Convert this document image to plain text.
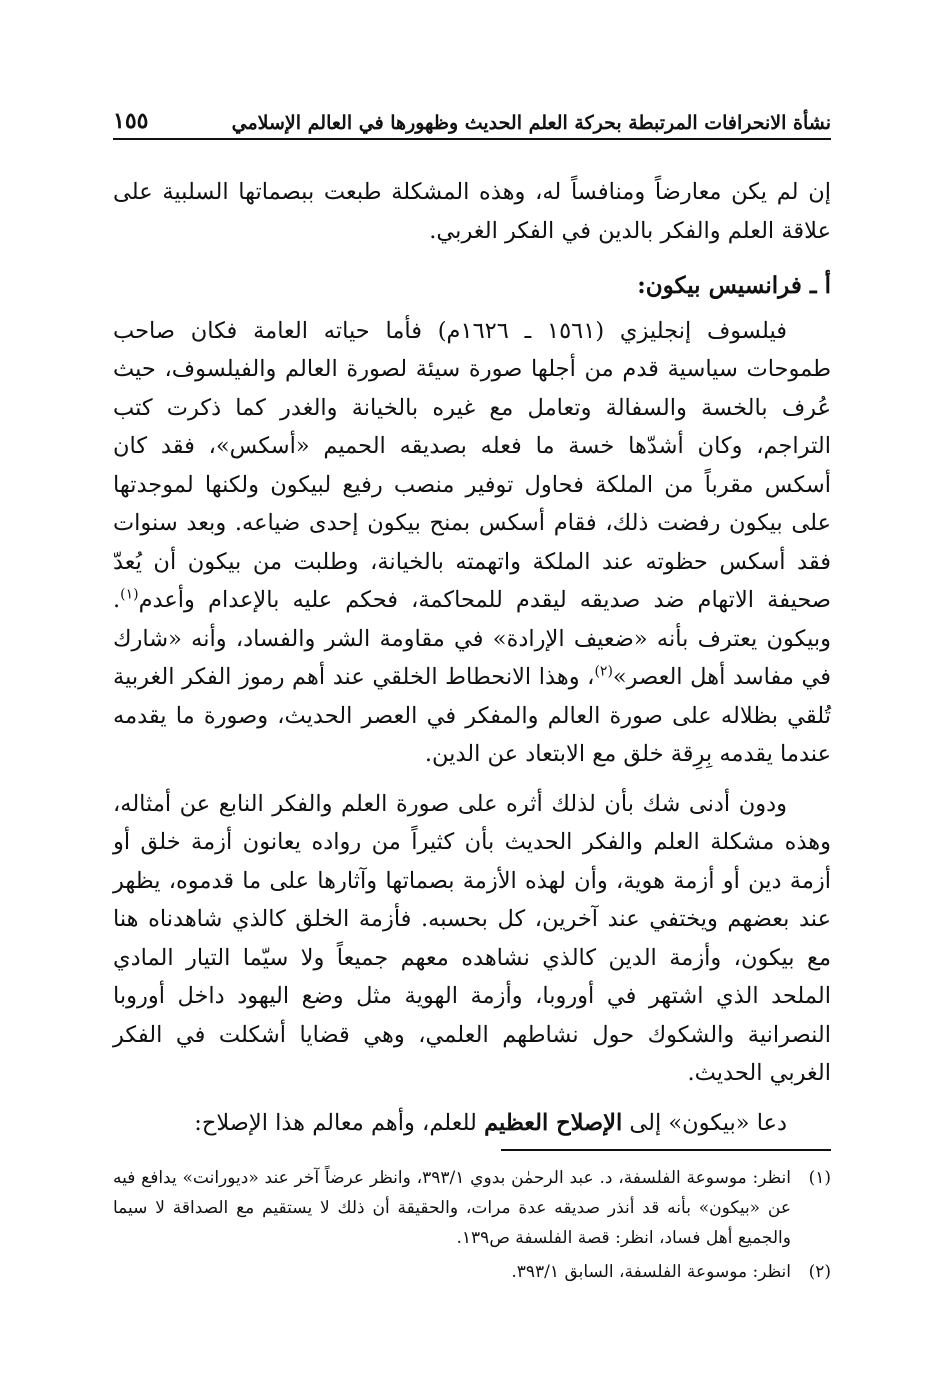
نشأة الانحرافات المرتبطة بحركة العلم الحديث وظهورها في العالم الإسلامي
١٥٥

إن لم يكن معارضاً ومنافساً له، وهذه المشكلة طبعت ببصماتها السلبية على علاقة العلم والفكر بالدين في الفكر الغربي.

أ ـ فرانسيس بيكون:

فيلسوف إنجليزي (١٥٦١ ـ ١٦٢٦م) فأما حياته العامة فكان صاحب طموحات سياسية قدم من أجلها صورة سيئة لصورة العالم والفيلسوف، حيث عُرف بالخسة والسفالة وتعامل مع غيره بالخيانة والغدر كما ذكرت كتب التراجم، وكان أشدّها خسة ما فعله بصديقه الحميم «أسكس»، فقد كان أسكس مقرباً من الملكة فحاول توفير منصب رفيع لبيكون ولكنها لموجدتها على بيكون رفضت ذلك، فقام أسكس بمنح بيكون إحدى ضياعه. وبعد سنوات فقد أسكس حظوته عند الملكة واتهمته بالخيانة، وطلبت من بيكون أن يُعدّ صحيفة الاتهام ضد صديقه ليقدم للمحاكمة، فحكم عليه بالإعدام وأعدم$^{(١)}$. وبيكون يعترف بأنه «ضعيف الإرادة» في مقاومة الشر والفساد، وأنه «شارك في مفاسد أهل العصر»$^{(٢)}$، وهذا الانحطاط الخلقي عند أهم رموز الفكر الغربية تُلقي بظلاله على صورة العالم والمفكر في العصر الحديث، وصورة ما يقدمه عندما يقدمه بِرِقة خلق مع الابتعاد عن الدين.

ودون أدنى شك بأن لذلك أثره على صورة العلم والفكر النابع عن أمثاله، وهذه مشكلة العلم والفكر الحديث بأن كثيراً من رواده يعانون أزمة خلق أو أزمة دين أو أزمة هوية، وأن لهذه الأزمة بصماتها وآثارها على ما قدموه، يظهر عند بعضهم ويختفي عند آخرين، كل بحسبه. فأزمة الخلق كالذي شاهدناه هنا مع بيكون، وأزمة الدين كالذي نشاهده معهم جميعاً ولا سيّما التيار المادي الملحد الذي اشتهر في أوروبا، وأزمة الهوية مثل وضع اليهود داخل أوروبا النصرانية والشكوك حول نشاطهم العلمي، وهي قضايا أشكلت في الفكر الغربي الحديث.

دعا «بيكون» إلى الإصلاح العظيم للعلم، وأهم معالم هذا الإصلاح:

(١)
انظر: موسوعة الفلسفة، د. عبد الرحمٰن بدوي ٣٩٣/١، وانظر عرضاً آخر عند «ديورانت» يدافع فيه عن «بيكون» بأنه قد أنذر صديقه عدة مرات، والحقيقة أن ذلك لا يستقيم مع الصداقة لا سيما والجميع أهل فساد، انظر: قصة الفلسفة ص١٣٩.
(٢)
انظر: موسوعة الفلسفة، السابق ٣٩٣/١.
